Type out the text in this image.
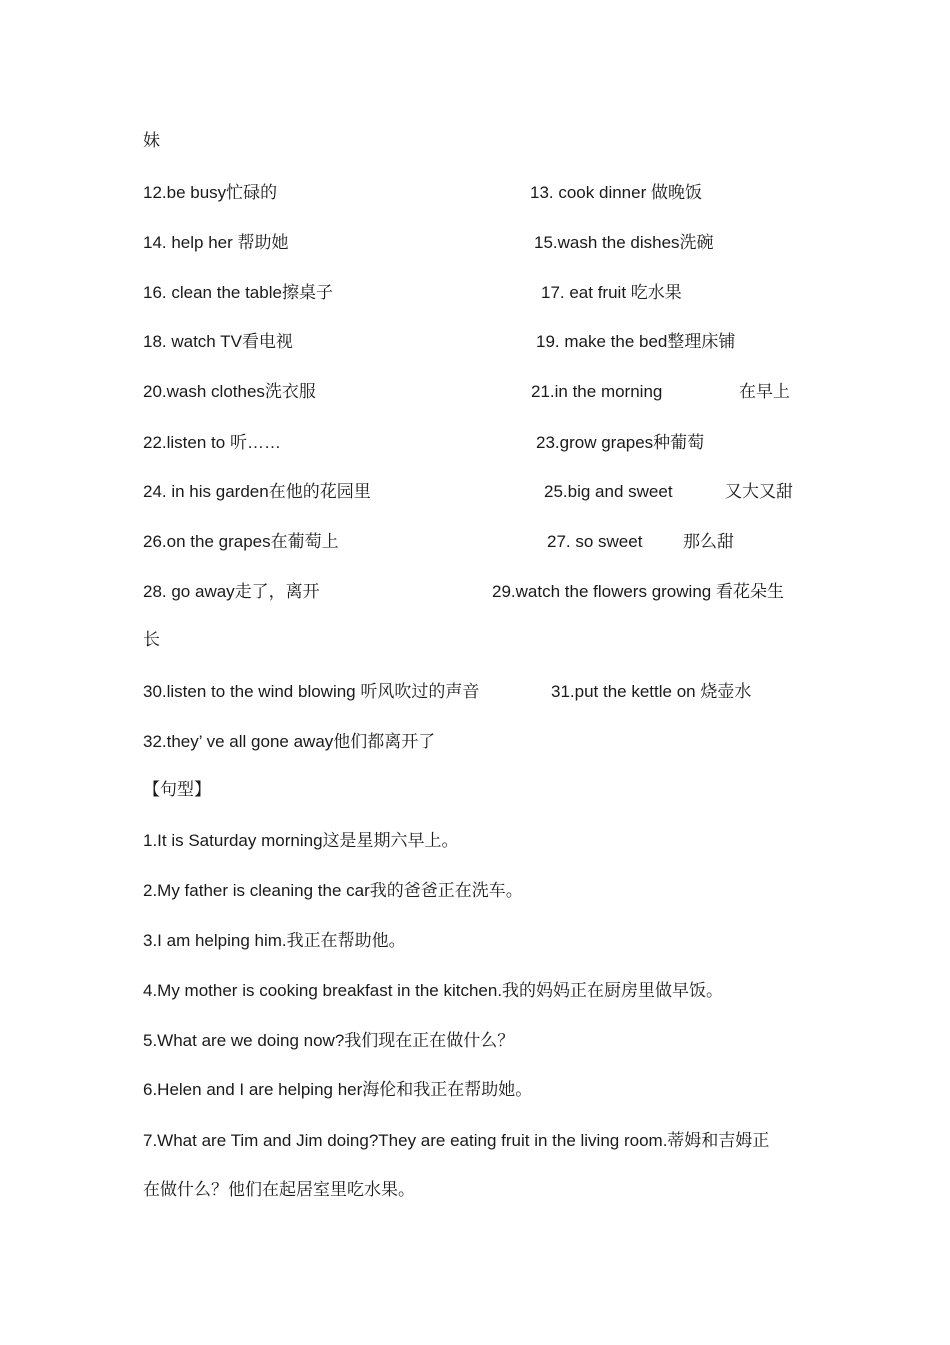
妹
12.be busy忙碌的	13. cook dinner 做晚饭
14. help her 帮助她	15.wash the dishes洗碗
16. clean the table擦桌子	17. eat fruit 吃水果
18. watch TV看电视	19. make the bed整理床铺
20.wash clothes洗衣服	21.in the morning	在早上
22.listen to 听……	23.grow grapes种葡萄
24. in his garden在他的花园里	25.big and sweet	又大又甜
26.on the grapes在葡萄上	27. so sweet 那么甜
28. go away走了，离开	29.watch the flowers growing 看花朵生
长
30.listen to the wind blowing 听风吹过的声音	31.put the kettle on 烧壶水
32.they’ ve all gone away他们都离开了
【句型】
1.It is Saturday morning这是星期六早上。
2.My father is cleaning the car我的爸爸正在洗车。
3.I am helping him.我正在帮助他。
4.My mother is cooking breakfast in the kitchen.我的妈妈正在厨房里做早饭。
5.What are we doing now?我们现在正在做什么？
6.Helen and I are helping her海伦和我正在帮助她。
7.What are Tim and Jim doing?They are eating fruit in the living room.蒂姆和吉姆正
在做什么？他们在起居室里吃水果。
